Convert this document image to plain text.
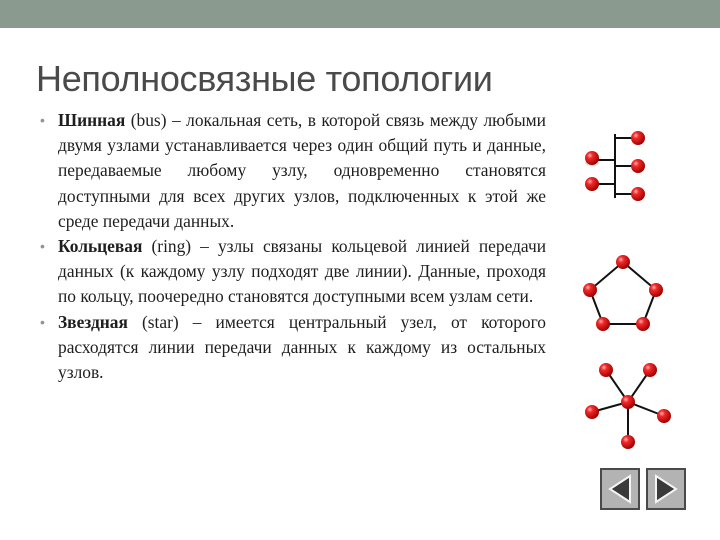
Неполносвязные топологии
• Шинная (bus) – локальная сеть, в которой связь между любыми двумя узлами устанавливается через один общий путь и данные, передаваемые любому узлу, одновременно становятся доступными для всех других узлов, подключенных к этой же среде передачи данных.
• Кольцевая (ring) – узлы связаны кольцевой линией передачи данных (к каждому узлу подходят две линии). Данные, проходя по кольцу, поочередно становятся доступными всем узлам сети.
• Звездная (star) – имеется центральный узел, от которого расходятся линии передачи данных к каждому из остальных узлов.
